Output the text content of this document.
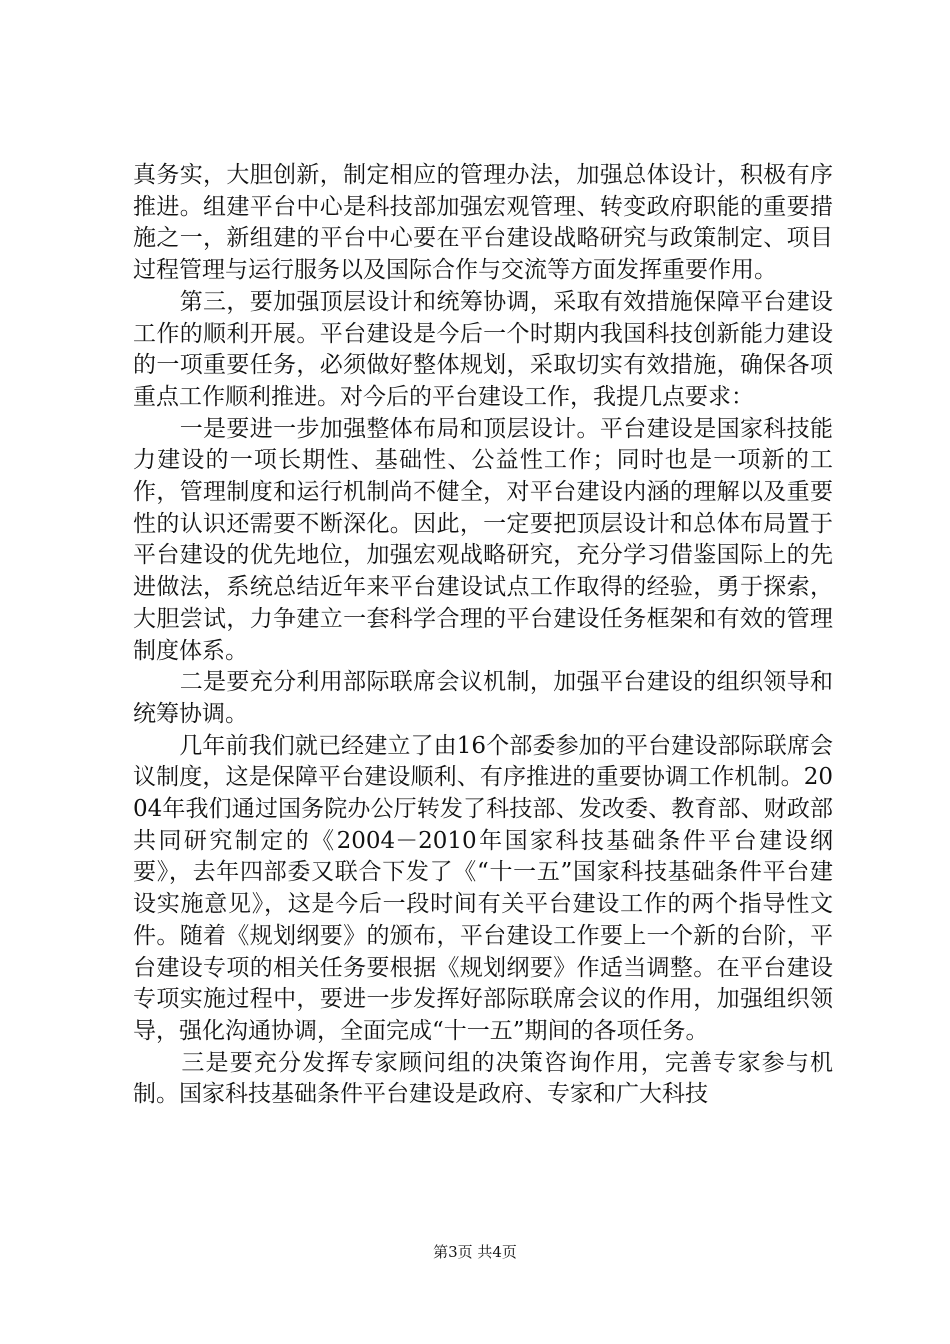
真务实，大胆创新，制定相应的管理办法，加强总体设计，积极有序推进。组建平台中心是科技部加强宏观管理、转变政府职能的重要措施之一，新组建的平台中心要在平台建设战略研究与政策制定、项目过程管理与运行服务以及国际合作与交流等方面发挥重要作用。

　　第三，要加强顶层设计和统筹协调，采取有效措施保障平台建设工作的顺利开展。平台建设是今后一个时期内我国科技创新能力建设的一项重要任务，必须做好整体规划，采取切实有效措施，确保各项重点工作顺利推进。对今后的平台建设工作，我提几点要求：

　　一是要进一步加强整体布局和顶层设计。平台建设是国家科技能力建设的一项长期性、基础性、公益性工作；同时也是一项新的工作，管理制度和运行机制尚不健全，对平台建设内涵的理解以及重要性的认识还需要不断深化。因此，一定要把顶层设计和总体布局置于平台建设的优先地位，加强宏观战略研究，充分学习借鉴国际上的先进做法，系统总结近年来平台建设试点工作取得的经验，勇于探索，大胆尝试，力争建立一套科学合理的平台建设任务框架和有效的管理制度体系。

　　二是要充分利用部际联席会议机制，加强平台建设的组织领导和统筹协调。

　　几年前我们就已经建立了由16个部委参加的平台建设部际联席会议制度，这是保障平台建设顺利、有序推进的重要协调工作机制。2004年我们通过国务院办公厅转发了科技部、发改委、教育部、财政部共同研究制定的《2004－2010年国家科技基础条件平台建设纲要》，去年四部委又联合下发了《“十一五”国家科技基础条件平台建设实施意见》，这是今后一段时间有关平台建设工作的两个指导性文件。随着《规划纲要》的颁布，平台建设工作要上一个新的台阶，平台建设专项的相关任务要根据《规划纲要》作适当调整。在平台建设专项实施过程中，要进一步发挥好部际联席会议的作用，加强组织领导，强化沟通协调，全面完成“十一五”期间的各项任务。

　　三是要充分发挥专家顾问组的决策咨询作用，完善专家参与机制。国家科技基础条件平台建设是政府、专家和广大科技

第3页 共4页
